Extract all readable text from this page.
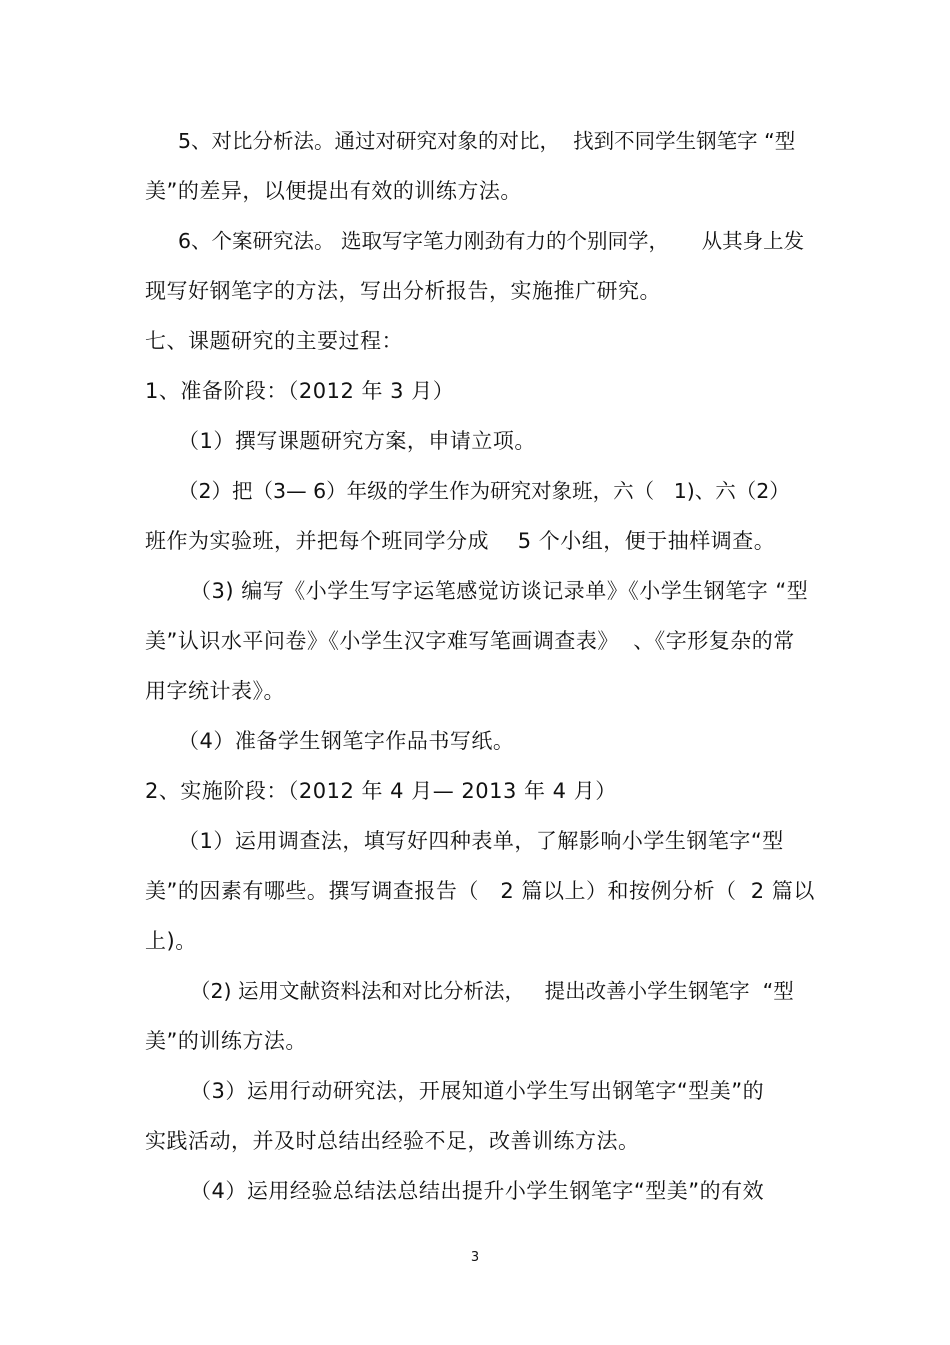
5、对比分析法。通过对研究对象的对比，  找到不同学生钢笔字 “型
美”的差异，以便提出有效的训练方法。
6、个案研究法。 选取写字笔力刚劲有力的个别同学，     从其身上发
现写好钢笔字的方法，写出分析报告，实施推广研究。
七、课题研究的主要过程：
1、准备阶段：（2012 年 3 月）
（1）撰写课题研究方案，申请立项。
（2）把（3— 6）年级的学生作为研究对象班，六（   1)、六（2）
班作为实验班，并把每个班同学分成    5 个小组，便于抽样调查。
（3) 编写《小学生写字运笔感觉访谈记录单》《小学生钢笔字 “型
美”认识水平问卷》《小学生汉字难写笔画调查表》  、《字形复杂的常
用字统计表》。
（4）准备学生钢笔字作品书写纸。
2、实施阶段：（2012 年 4 月— 2013 年 4 月）
（1）运用调查法，填写好四种表单，了解影响小学生钢笔字“型
美”的因素有哪些。撰写调查报告（   2 篇以上）和按例分析（  2 篇以
上)。
（2) 运用文献资料法和对比分析法，   提出改善小学生钢笔字  “型
美”的训练方法。
（3）运用行动研究法，开展知道小学生写出钢笔字“型美”的
实践活动，并及时总结出经验不足，改善训练方法。
（4）运用经验总结法总结出提升小学生钢笔字“型美”的有效
3
